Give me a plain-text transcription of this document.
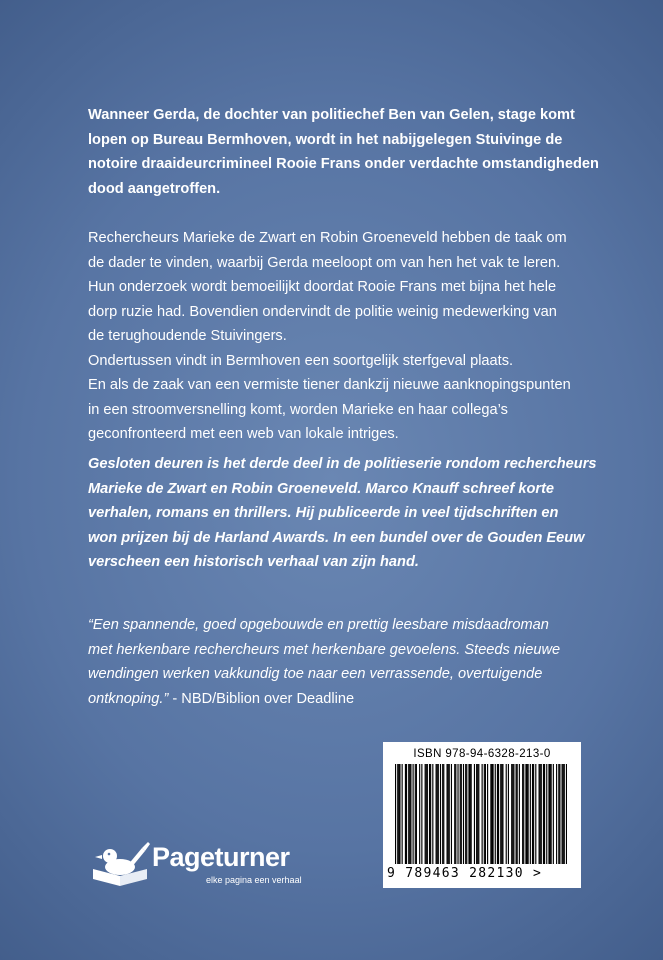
Wanneer Gerda, de dochter van politiechef Ben van Gelen, stage komt
lopen op Bureau Bermhoven, wordt in het nabijgelegen Stuivinge de
notoire draaideurcrimineel Rooie Frans onder verdachte omstandigheden
dood aangetroffen.
Rechercheurs Marieke de Zwart en Robin Groeneveld hebben de taak om
de dader te vinden, waarbij Gerda meeloopt om van hen het vak te leren.
Hun onderzoek wordt bemoeilijkt doordat Rooie Frans met bijna het hele
dorp ruzie had. Bovendien ondervindt de politie weinig medewerking van
de terughoudende Stuivingers.
Ondertussen vindt in Bermhoven een soortgelijk sterfgeval plaats.
En als de zaak van een vermiste tiener dankzij nieuwe aanknopingspunten
in een stroomversnelling komt, worden Marieke en haar collega’s
geconfronteerd met een web van lokale intriges.
Gesloten deuren is het derde deel in de politieserie rondom rechercheurs
Marieke de Zwart en Robin Groeneveld. Marco Knauff schreef korte
verhalen, romans en thrillers. Hij publiceerde in veel tijdschriften en
won prijzen bij de Harland Awards. In een bundel over de Gouden Eeuw
verscheen een historisch verhaal van zijn hand.
“Een spannende, goed opgebouwde en prettig leesbare misdaadroman
met herkenbare rechercheurs met herkenbare gevoelens. Steeds nieuwe
wendingen werken vakkundig toe naar een verrassende, overtuigende
ontknoping.” - NBD/Biblion over Deadline
ISBN 978-94-6328-213-0
9 789463 282130 >
Pageturner
elke pagina een verhaal
